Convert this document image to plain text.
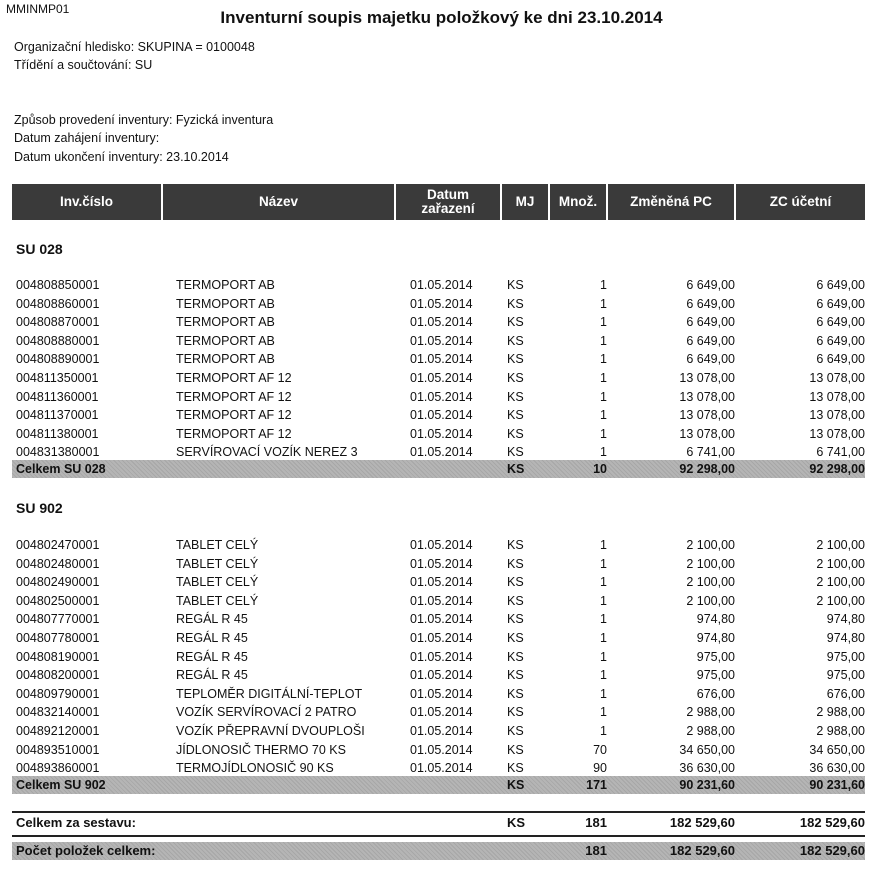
MMINMP01	Inventurní soupis majetku položkový ke dni 23.10.2014
Organizační hledisko: SKUPINA = 0100048
Třídění a součtování: SU
Způsob provedení inventury: Fyzická inventura
Datum zahájení inventury:
Datum ukončení inventury: 23.10.2014
Inv.číslo	Název	Datum
zařazení	MJ	Množ.	Změněná PC	ZC účetní
SU 028
004808850001	TERMOPORT AB	01.05.2014	KS	1	6 649,00	6 649,00
004808860001	TERMOPORT AB	01.05.2014	KS	1	6 649,00	6 649,00
004808870001	TERMOPORT AB	01.05.2014	KS	1	6 649,00	6 649,00
004808880001	TERMOPORT AB	01.05.2014	KS	1	6 649,00	6 649,00
004808890001	TERMOPORT AB	01.05.2014	KS	1	6 649,00	6 649,00
004811350001	TERMOPORT AF 12	01.05.2014	KS	1	13 078,00	13 078,00
004811360001	TERMOPORT AF 12	01.05.2014	KS	1	13 078,00	13 078,00
004811370001	TERMOPORT AF 12	01.05.2014	KS	1	13 078,00	13 078,00
004811380001	TERMOPORT AF 12	01.05.2014	KS	1	13 078,00	13 078,00
004831380001	SERVÍROVACÍ VOZÍK NEREZ 3	01.05.2014	KS	1	6 741,00	6 741,00
Celkem SU 028	KS	10	92 298,00	92 298,00
SU 902
004802470001	TABLET CELÝ	01.05.2014	KS	1	2 100,00	2 100,00
004802480001	TABLET CELÝ	01.05.2014	KS	1	2 100,00	2 100,00
004802490001	TABLET CELÝ	01.05.2014	KS	1	2 100,00	2 100,00
004802500001	TABLET CELÝ	01.05.2014	KS	1	2 100,00	2 100,00
004807770001	REGÁL R 45	01.05.2014	KS	1	974,80	974,80
004807780001	REGÁL R 45	01.05.2014	KS	1	974,80	974,80
004808190001	REGÁL R 45	01.05.2014	KS	1	975,00	975,00
004808200001	REGÁL R 45	01.05.2014	KS	1	975,00	975,00
004809790001	TEPLOMĚR DIGITÁLNÍ-TEPLOT	01.05.2014	KS	1	676,00	676,00
004832140001	VOZÍK SERVÍROVACÍ 2 PATRO	01.05.2014	KS	1	2 988,00	2 988,00
004892120001	VOZÍK PŘEPRAVNÍ DVOUPLOŠI	01.05.2014	KS	1	2 988,00	2 988,00
004893510001	JÍDLONOSIČ THERMO 70 KS	01.05.2014	KS	70	34 650,00	34 650,00
004893860001	TERMOJÍDLONOSIČ 90 KS	01.05.2014	KS	90	36 630,00	36 630,00
Celkem SU 902	KS	171	90 231,60	90 231,60
Celkem za sestavu:	KS	181	182 529,60	182 529,60
Počet položek celkem:	181	182 529,60	182 529,60
